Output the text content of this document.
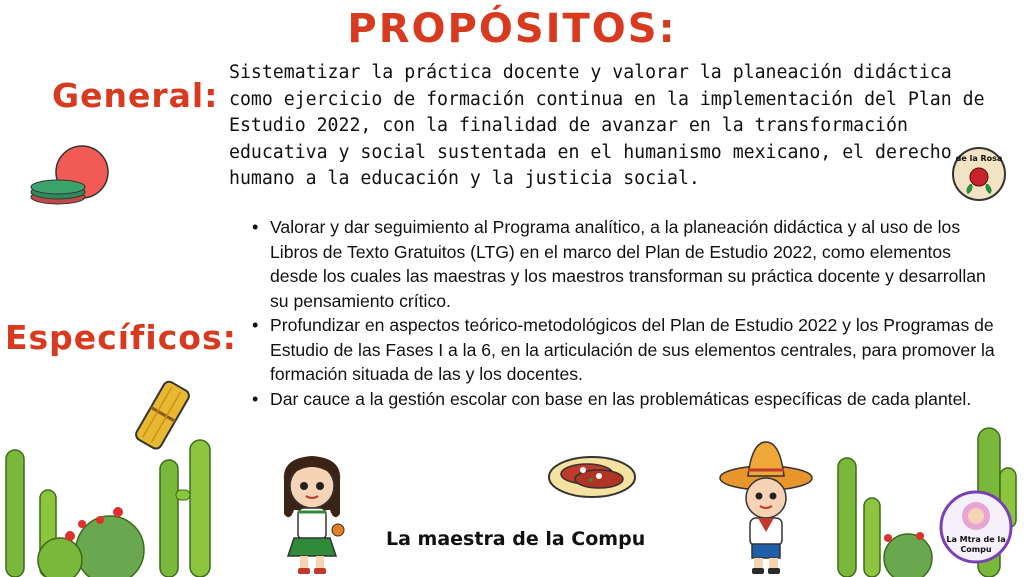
PROPÓSITOS:
General:

Sistematizar la práctica docente y valorar la planeación didáctica como ejercicio de formación continua en la implementación del Plan de Estudio 2022, con la finalidad de avanzar en la transformación educativa y social sustentada en el humanismo mexicano, el derecho humano a la educación y la justicia social.

Específicos:
• Valorar y dar seguimiento al Programa analítico, a la planeación didáctica y al uso de los Libros de Texto Gratuitos (LTG) en el marco del Plan de Estudio 2022, como elementos desde los cuales las maestras y los maestros transforman su práctica docente y desarrollan su pensamiento crítico.
• Profundizar en aspectos teórico-metodológicos del Plan de Estudio 2022 y los Programas de Estudio de las Fases I a la 6, en la articulación de sus elementos centrales, para promover la formación situada de las y los docentes.
• Dar cauce a la gestión escolar con base en las problemáticas específicas de cada plantel.
La maestra de la Compu
de la Rosa
La Mtra de la
Compu
